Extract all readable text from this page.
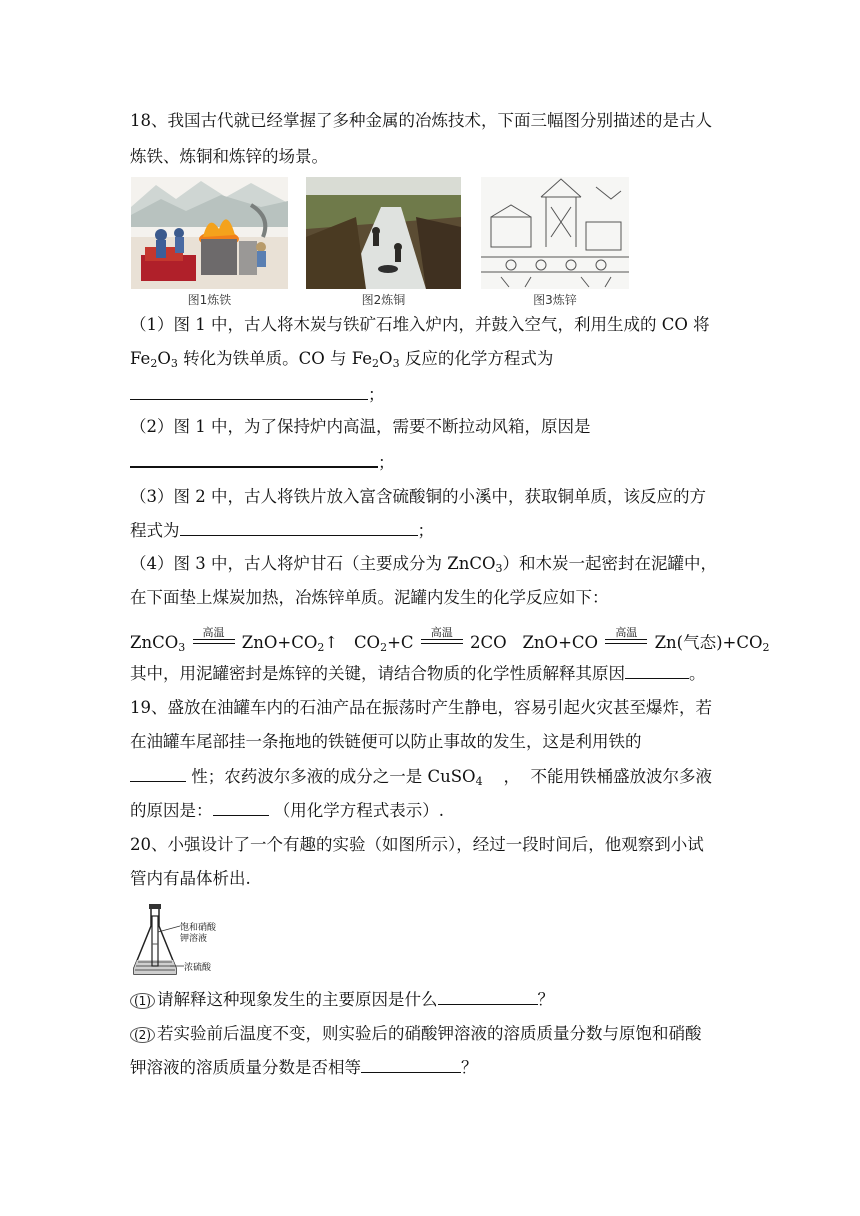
18、我国古代就已经掌握了多种金属的冶炼技术，下面三幅图分别描述的是古人
炼铁、炼铜和炼锌的场景。
图1炼铁	图2炼铜	图3炼锌
（1）图 1 中，古人将木炭与铁矿石堆入炉内，并鼓入空气，利用生成的 CO 将
$Fe_2O_3$ 转化为铁单质。CO 与 $Fe_2O_3$ 反应的化学方程式为
；
（2）图 1 中，为了保持炉内高温，需要不断拉动风箱，原因是
；
（3）图 2 中，古人将铁片放入富含硫酸铜的小溪中，获取铜单质，该反应的方
程式为	；
（4）图 3 中，古人将炉甘石（主要成分为 ZnCO$_3$）和木炭一起密封在泥罐中，
在下面垫上煤炭加热，冶炼锌单质。泥罐内发生的化学反应如下：
ZnCO$_3$
高温
$ZnO+CO_2↑$ $CO_2+C$
高温
2CO ZnO+CO
高温
Zn(气态)$+CO_2$
其中，用泥罐密封是炼锌的关键，请结合物质的化学性质解释其原因	。
19、盛放在油罐车内的石油产品在振荡时产生静电，容易引起火灾甚至爆炸，若
在油罐车尾部挂一条拖地的铁链便可以防止事故的发生，这是利用铁的
性；农药波尔多液的成分之一是 CuSO$_4$    ，  不能用铁桶盛放波尔多液
的原因是：	（用化学方程式表示）.
20、小强设计了一个有趣的实验（如图所示），经过一段时间后，他观察到小试
管内有晶体析出.
饱和硝酸
钾溶液
浓硫酸
(1) 请解释这种现象发生的主要原因是什么	？
(2) 若实验前后温度不变，则实验后的硝酸钾溶液的溶质质量分数与原饱和硝酸
钾溶液的溶质质量分数是否相等	？
